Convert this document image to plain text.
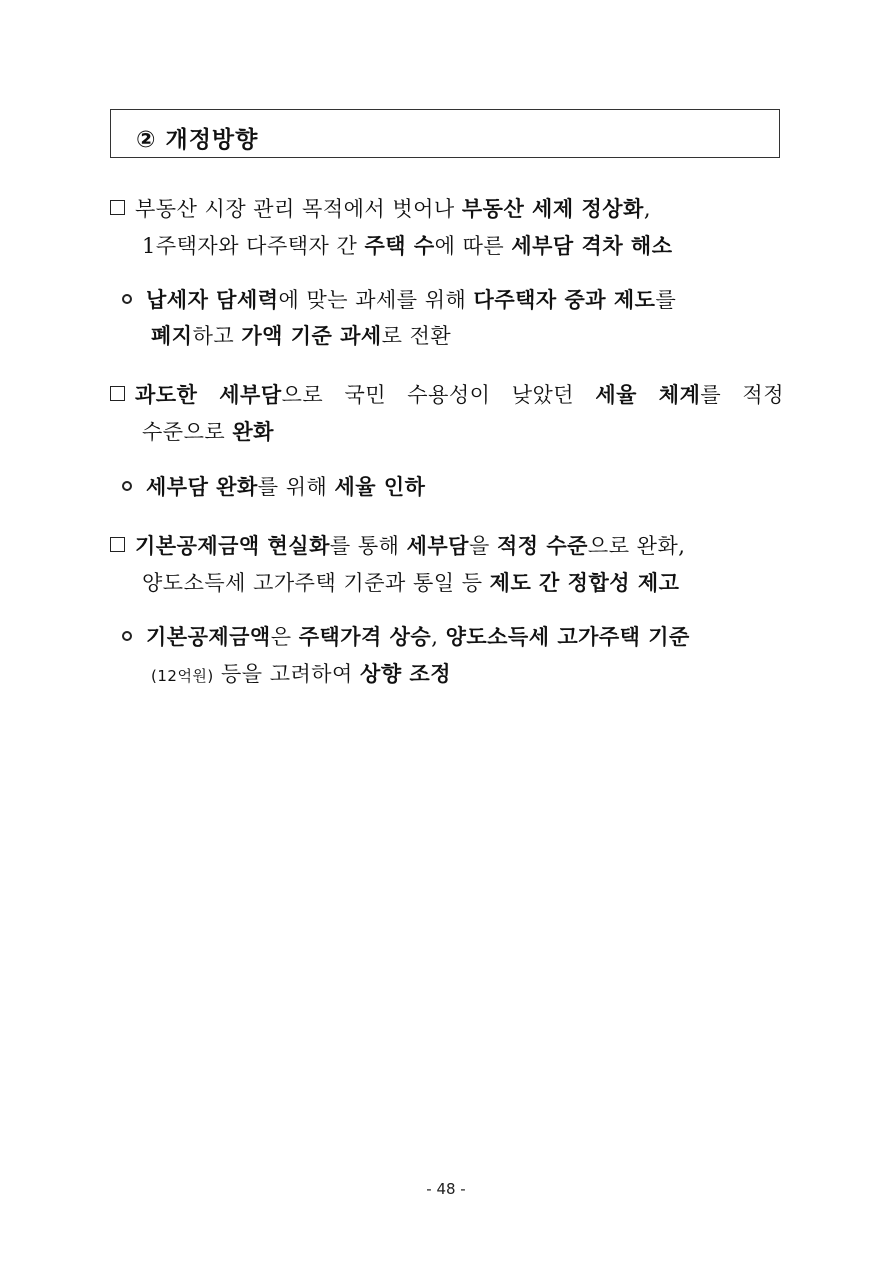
② 개정방향
부동산 시장 관리 목적에서 벗어나 부동산 세제 정상화,
1주택자와 다주택자 간 주택 수에 따른 세부담 격차 해소
납세자 담세력에 맞는 과세를 위해 다주택자 중과 제도를
폐지하고 가액 기준 과세로 전환
과도한 세부담으로 국민 수용성이 낮았던 세율 체계를 적정
수준으로 완화
세부담 완화를 위해 세율 인하
기본공제금액 현실화를 통해 세부담을 적정 수준으로 완화,
양도소득세 고가주택 기준과 통일 등 제도 간 정합성 제고
기본공제금액은 주택가격 상승, 양도소득세 고가주택 기준
(12억원) 등을 고려하여 상향 조정
- 48 -
